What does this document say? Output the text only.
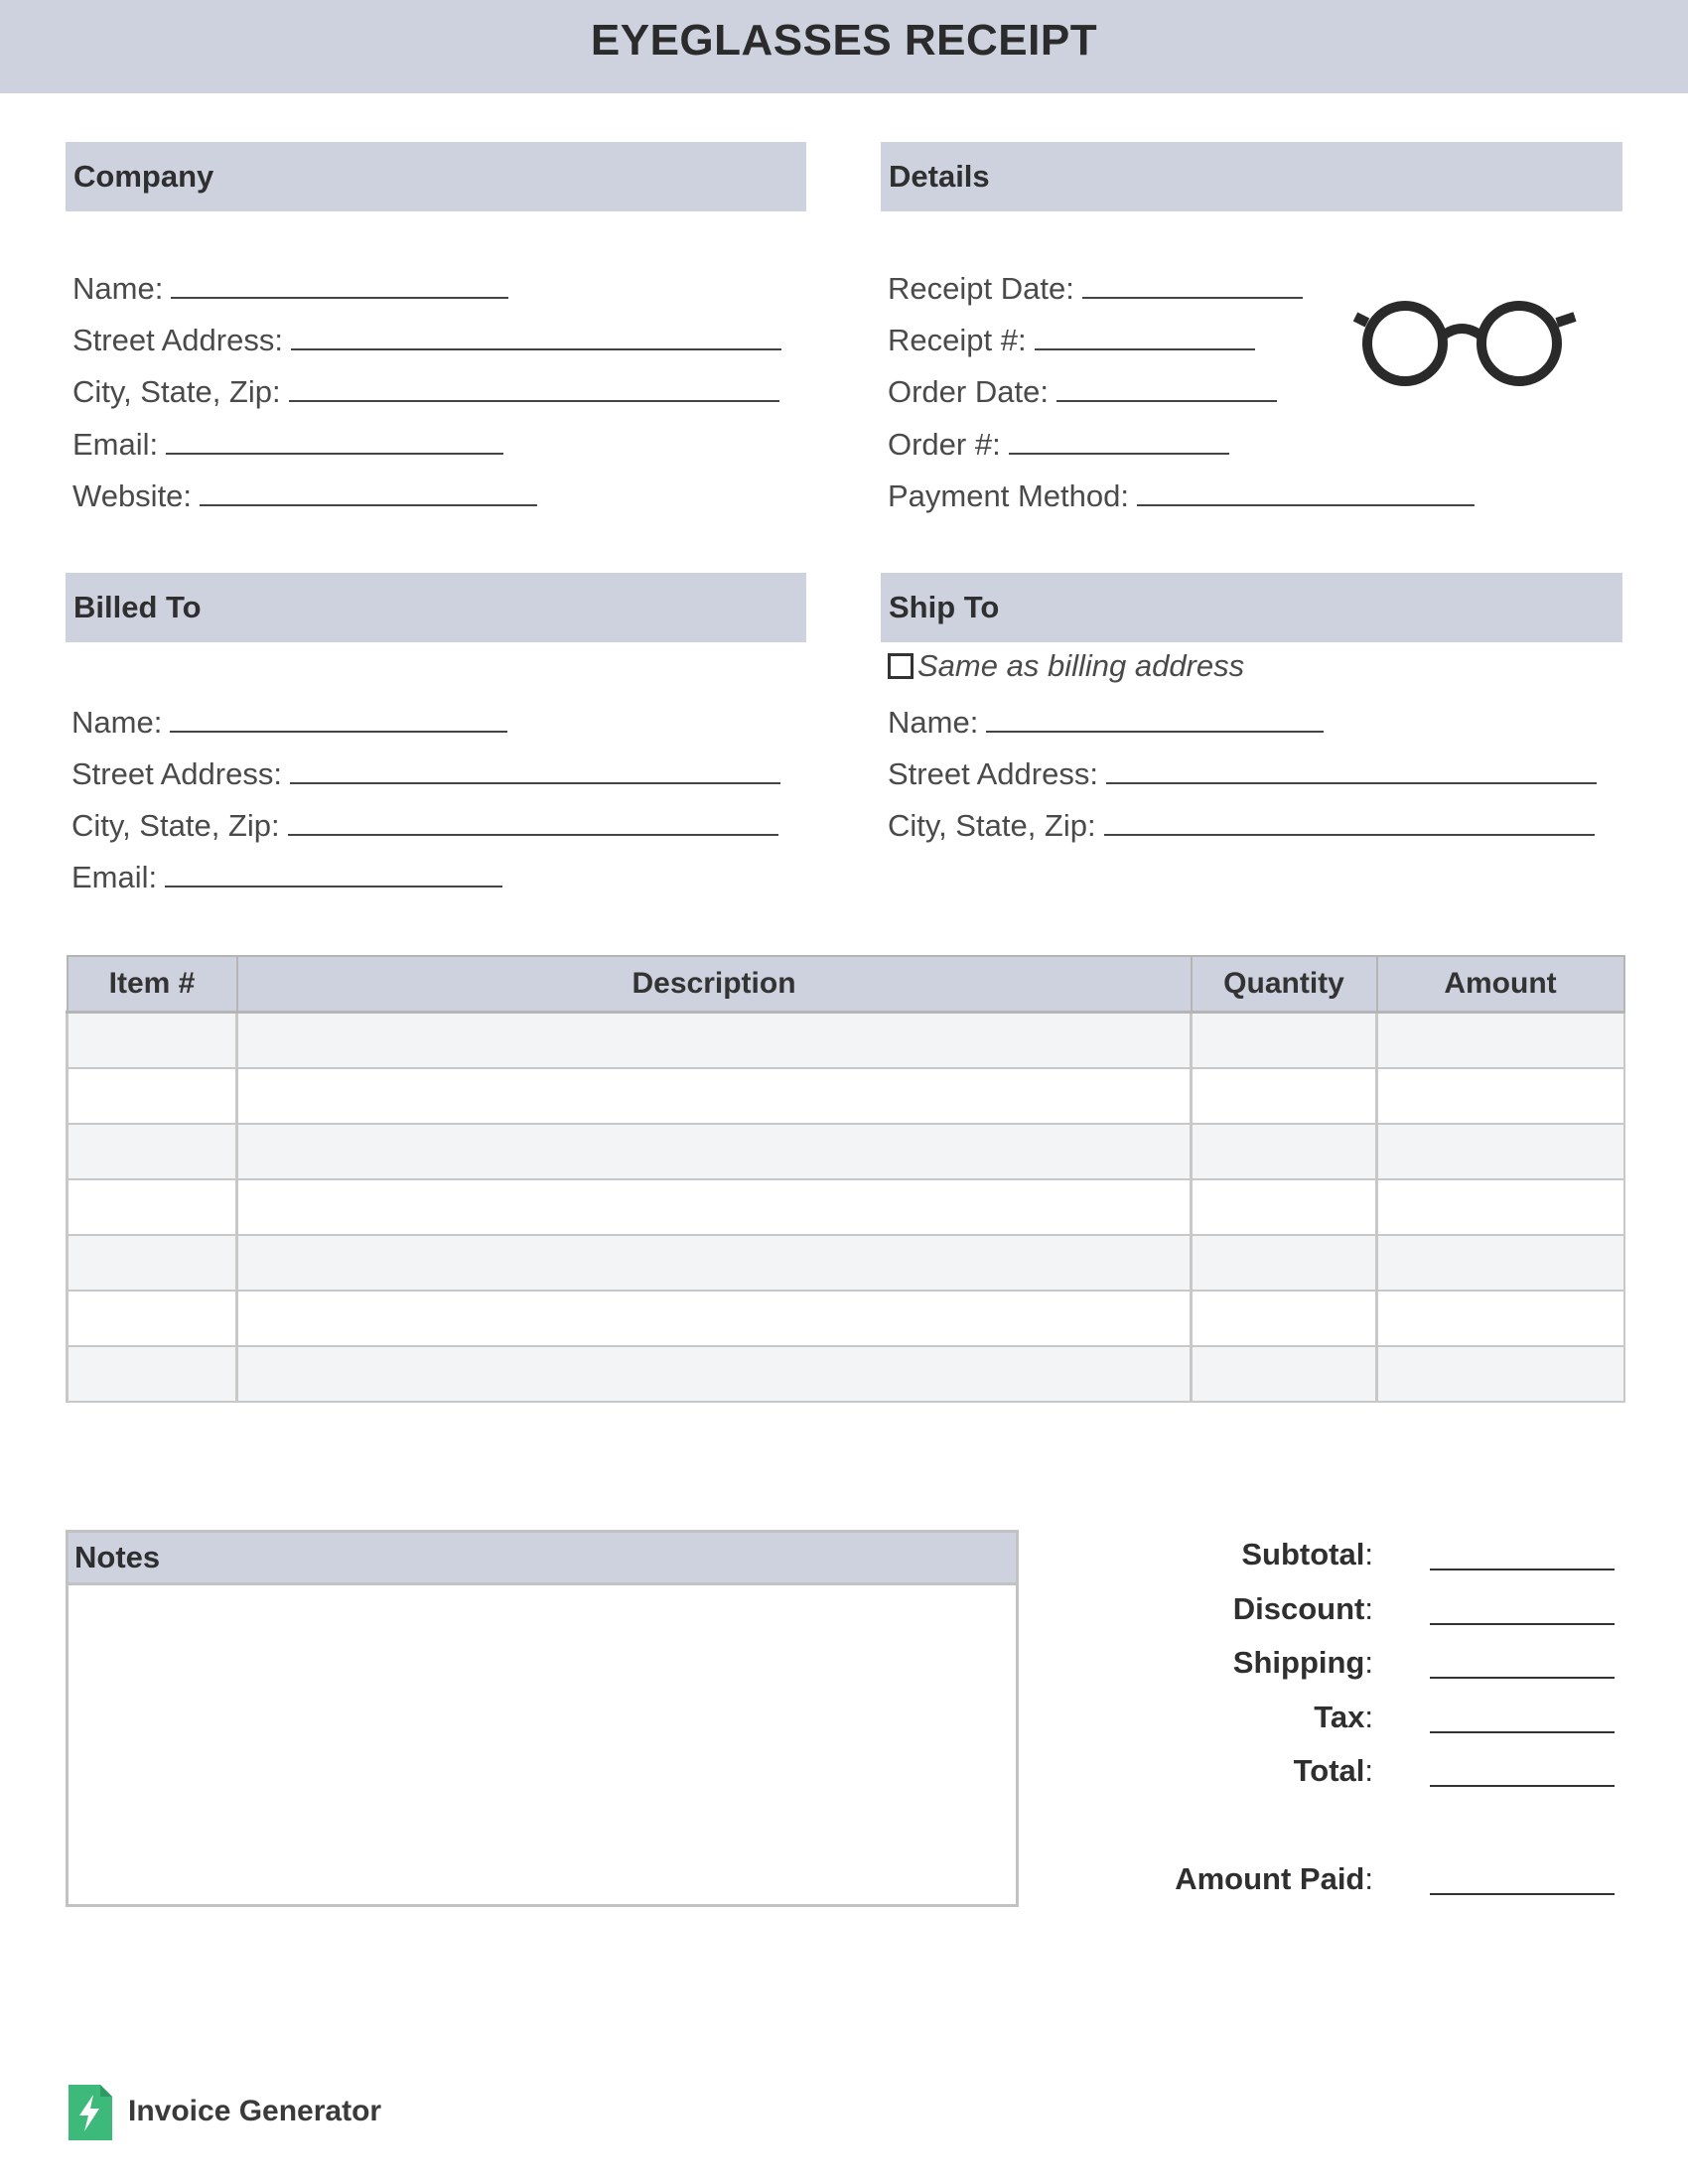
EYEGLASSES RECEIPT
Company
Name:
Street Address:
City, State, Zip:
Email:
Website:
Details
Receipt Date:
Receipt #:
Order Date:
Order #:
Payment Method:
Billed To
Name:
Street Address:
City, State, Zip:
Email:
Ship To
Same as billing address
Name:
Street Address:
City, State, Zip:
Item #	Description	Quantity	Amount

Notes	Subtotal:
Discount:
Shipping:
Tax:
Total:
Amount Paid:
Invoice Generator
